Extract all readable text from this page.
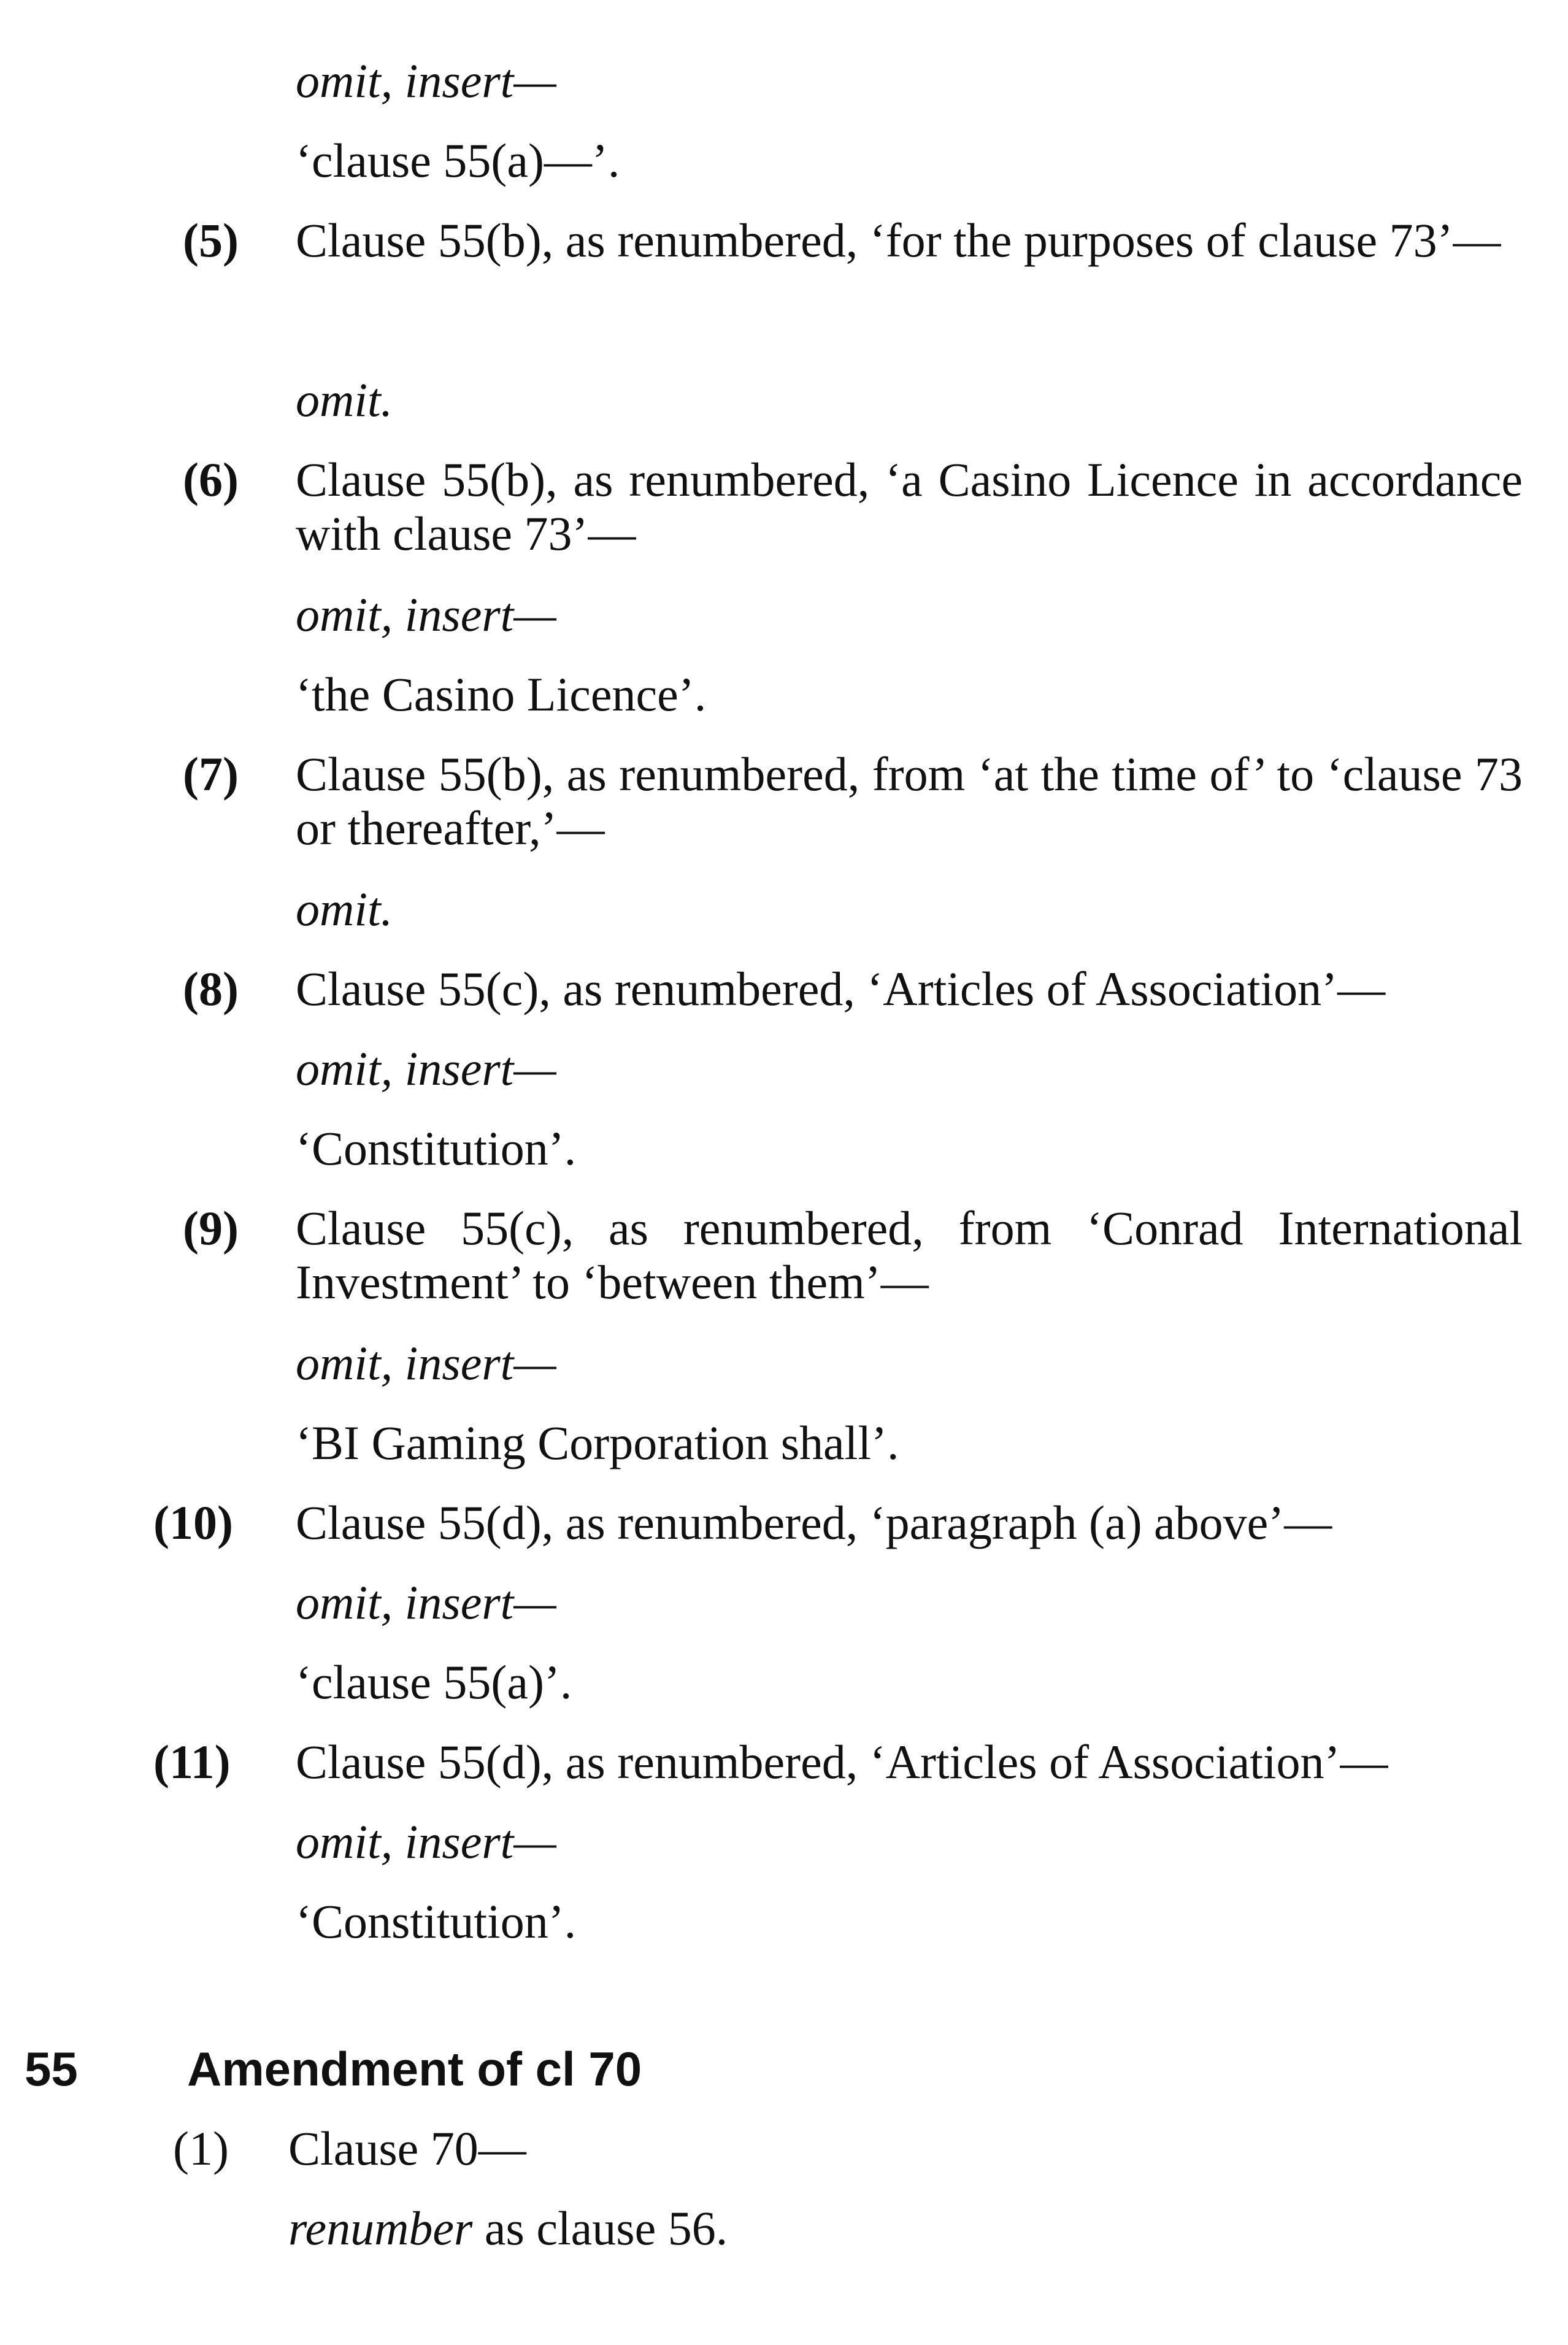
omit, insert—
‘clause 55(a)—’.
(5) Clause 55(b), as renumbered, ‘for the purposes of clause 73’—
omit.
(6) Clause 55(b), as renumbered, ‘a Casino Licence in accordance with clause 73’—
omit, insert—
‘the Casino Licence’.
(7) Clause 55(b), as renumbered, from ‘at the time of’ to ‘clause 73 or thereafter,’—
omit.
(8) Clause 55(c), as renumbered, ‘Articles of Association’—
omit, insert—
‘Constitution’.
(9) Clause 55(c), as renumbered, from ‘Conrad International Investment’ to ‘between them’—
omit, insert—
‘BI Gaming Corporation shall’.
(10) Clause 55(d), as renumbered, ‘paragraph (a) above’—
omit, insert—
‘clause 55(a)’.
(11) Clause 55(d), as renumbered, ‘Articles of Association’—
omit, insert—
‘Constitution’.
55 Amendment of cl 70
(1) Clause 70—
renumber as clause 56.
